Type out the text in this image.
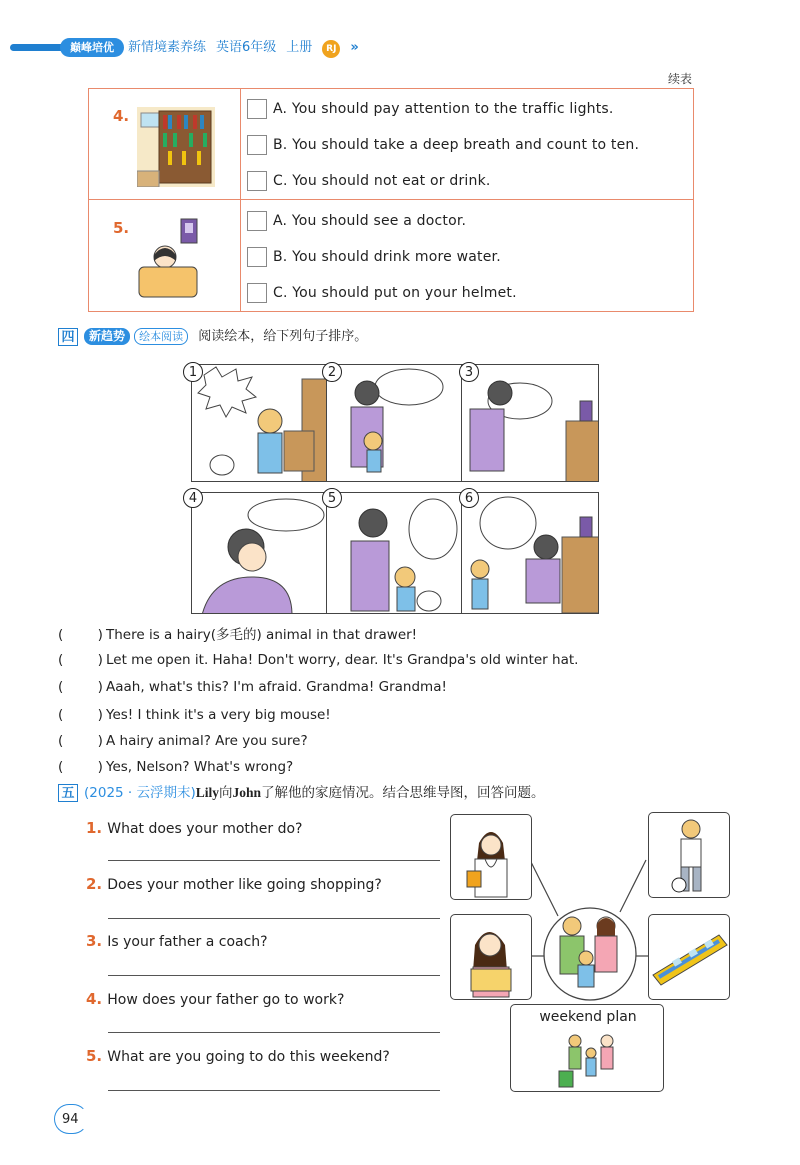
巅峰培优	新情境素养练 英语6年级 上册 RJ »
续表
4.	A. You should pay attention to the traffic lights.
B. You should take a deep breath and count to ten.
C. You should not eat or drink.
5.	A. You should see a doctor.
B. You should drink more water.
C. You should put on your helmet.
四	新趋势 绘本阅读 阅读绘本，给下列句子排序。
1	2	3
4	5	6
(        ) There is a hairy(多毛的) animal in that drawer!
(        ) Let me open it. Haha! Don't worry, dear. It's Grandpa's old winter hat.
(        ) Aaah, what's this? I'm afraid. Grandma! Grandma!
(        ) Yes! I think it's a very big mouse!
(        ) A hairy animal? Are you sure?
(        ) Yes, Nelson? What's wrong?
五 (2025 · 云浮期末)Lily向John了解他的家庭情况。结合思维导图，回答问题。
1. What does your mother do?
2. Does your mother like going shopping?
3. Is your father a coach?
4. How does your father go to work?
5. What are you going to do this weekend?
weekend plan
94
